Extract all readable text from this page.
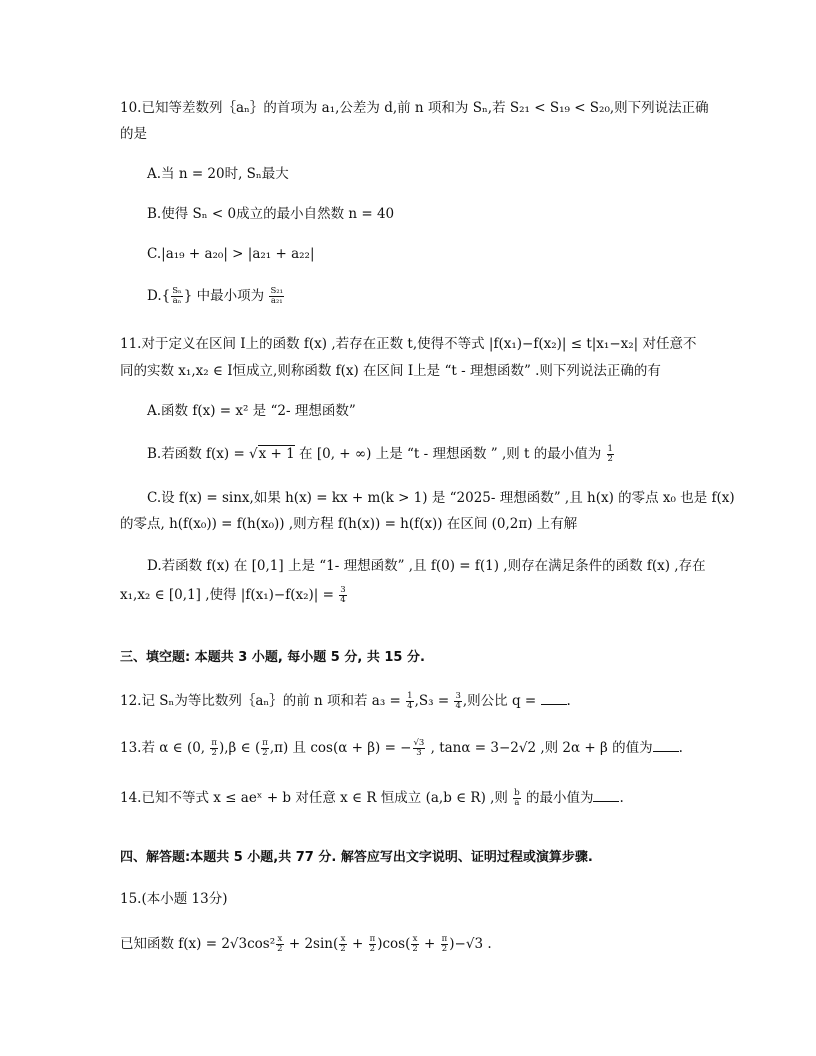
10.已知等差数列｛aₙ｝的首项为 a₁,公差为 d,前 n 项和为 Sₙ,若 S₂₁ < S₁₉ < S₂₀,则下列说法正确
的是
A.当 n = 20时, Sₙ最大
B.使得 Sₙ < 0成立的最小自然数 n = 40
C.|a₁₉ + a₂₀| > |a₂₁ + a₂₂|
$D.\{ \frac{\text{Sₙ}}{\text{aₙ}}$ } 中最小项为 $\frac{\text{S₂₁}}{\text{a₂₁}}$
11.对于定义在区间 I上的函数 f(x) ,若存在正数 t,使得不等式 |f(x₁)−f(x₂)| ≤ t|x₁−x₂| 对任意不
同的实数 x₁,x₂ ∈ I恒成立,则称函数 f(x) 在区间 I上是 “t - 理想函数” .则下列说法正确的有
A.函数 f(x) = x² 是 “2- 理想函数”
B.若函数 f(x) = √x + 1 在 [0, + ∞) 上是 “t - 理想函数 ” ,则 t 的最小值为 $\frac{1}{2}$
C.设 f(x) = sinx,如果 h(x) = kx + m(k > 1) 是 “2025- 理想函数” ,且 h(x) 的零点 x₀ 也是 f(x)
的零点, h(f(x₀)) = f(h(x₀)) ,则方程 f(h(x)) = h(f(x)) 在区间 (0,2π) 上有解
D.若函数 f(x) 在 [0,1] 上是 “1- 理想函数” ,且 f(0) = f(1) ,则存在满足条件的函数 f(x) ,存在
x₁,x₂ ∈ [0,1] ,使得 $|f(x_1)-f(x_2)| = \frac{3}{4}$
三、填空题: 本题共 3 小题, 每小题 5 分, 共 15 分.
12.记 Sₙ为等比数列｛aₙ｝的前 n 项和若 $a_3 = \frac{1}{4} ,S_3 = \frac{3}{4}$ ,则公比 q = .
13.若 α ∈ (0, $\frac{\pi}{2} ),\beta$ ∈ ( $\frac{\pi}{2} ,\pi$) 且 cos(α + β) = − $\frac{√3}{3}$ , tanα = 3−2√2 ,则 2α + β 的值为 .
14.已知不等式 x ≤ aeˣ + b 对任意 x ∈ R 恒成立 (a,b ∈ R) ,则 $\frac{b}{a}$ 的最小值为 .
四、解答题:本题共 5 小题,共 77 分. 解答应写出文字说明、证明过程或演算步骤.
15.(本小题 13分)
已知函数 $f(x) = 2√3\cos^2 \frac{x}{2} + 2\sin( \frac{x}{2} + \frac{\pi}{2} )\cos( \frac{x}{2} + \frac{\pi}{2} )-√3$ .
